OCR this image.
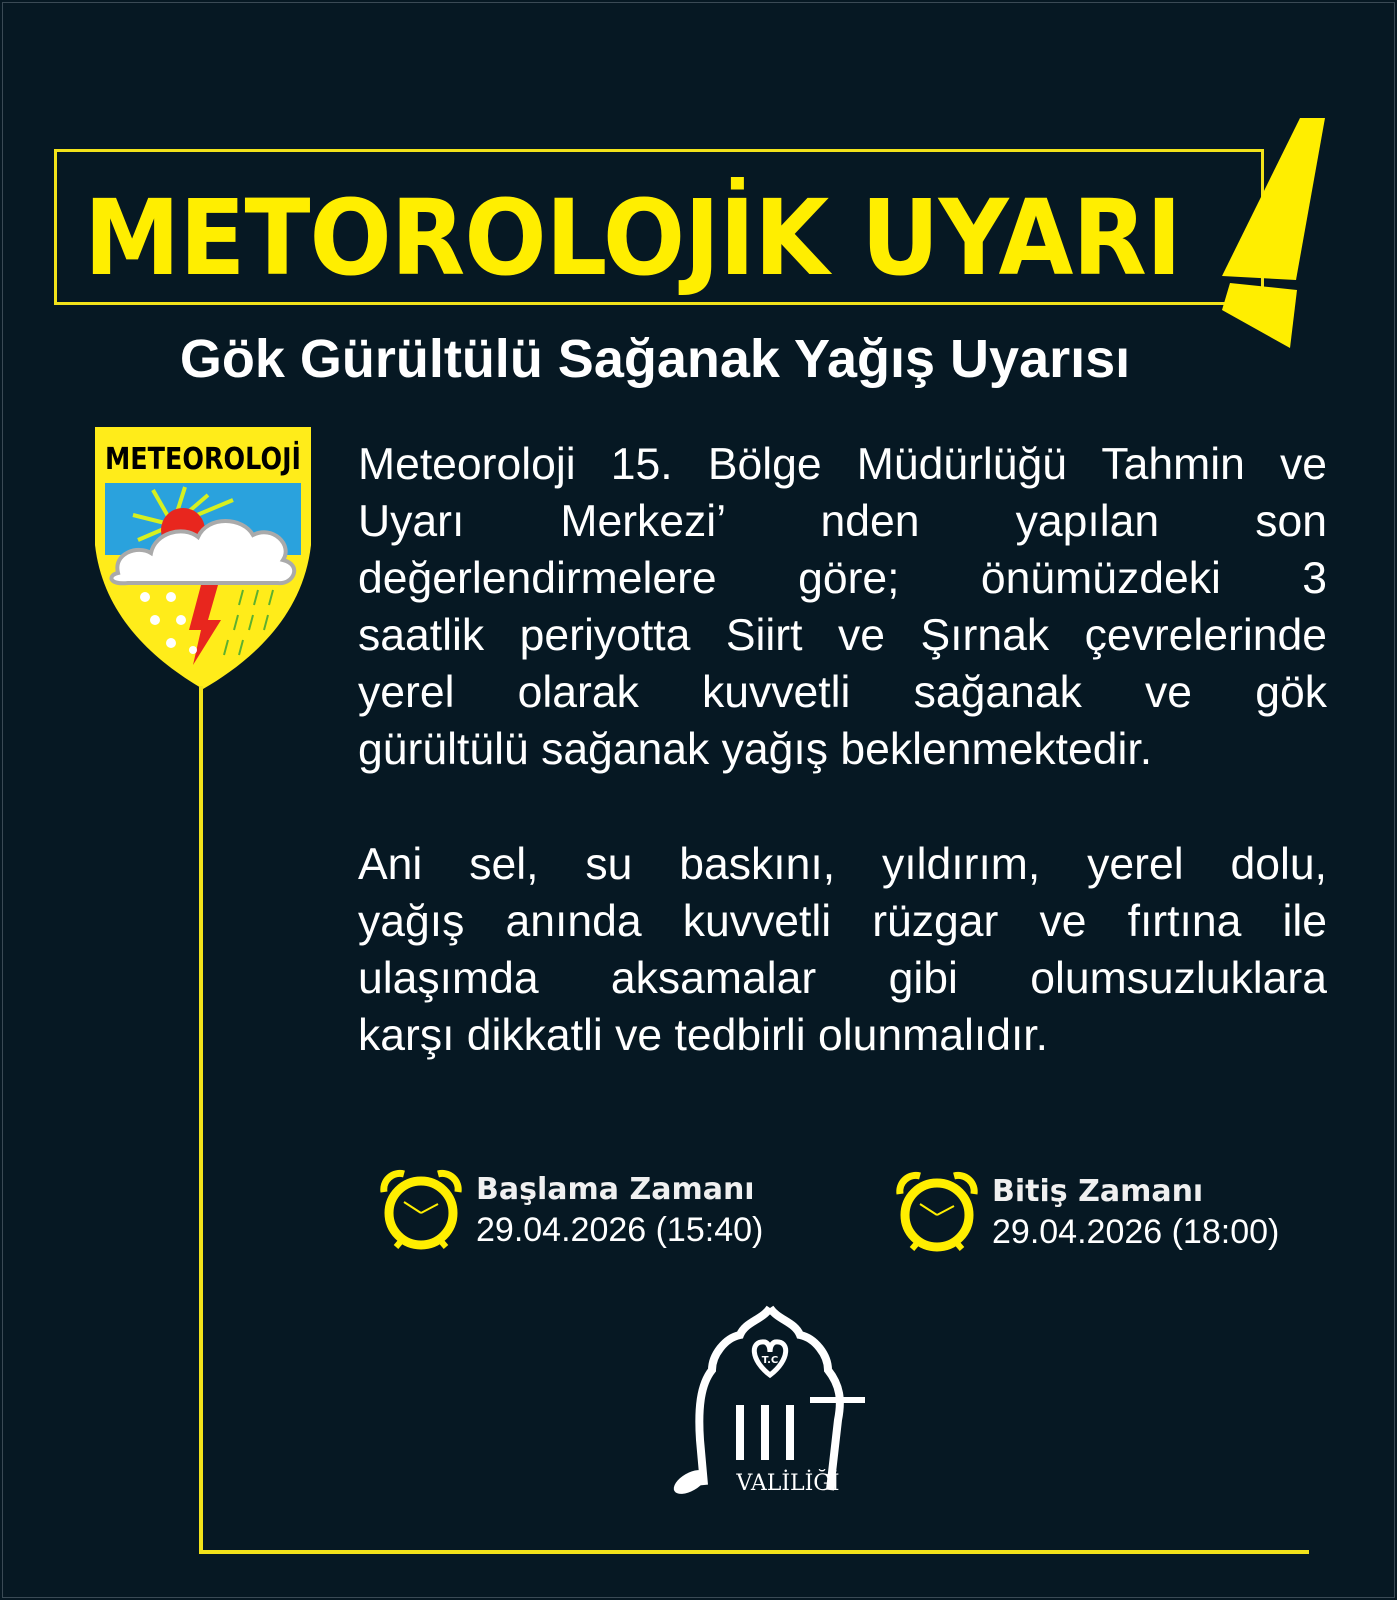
METOROLOJİK UYARI
Gök Gürültülü Sağanak Yağış Uyarısı
METEOROLOJİ Meteoroloji 15. Bölge Müdürlüğü Tahmin ve
Uyarı Merkezi’ nden yapılan son
değerlendirmelere göre; önümüzdeki 3
saatlik periyotta Siirt ve Şırnak çevrelerinde
yerel olarak kuvvetli sağanak ve gök
gürültülü sağanak yağış beklenmektedir.
Ani sel, su baskını, yıldırım, yerel dolu,
yağış anında kuvvetli rüzgar ve fırtına ile
ulaşımda aksamalar gibi olumsuzluklara
karşı dikkatli ve tedbirli olunmalıdır.
Başlama Zamanı
29.04.2026 (15:40)
Bitiş Zamanı
29.04.2026 (18:00)
T.C
VALİLİĞİ
